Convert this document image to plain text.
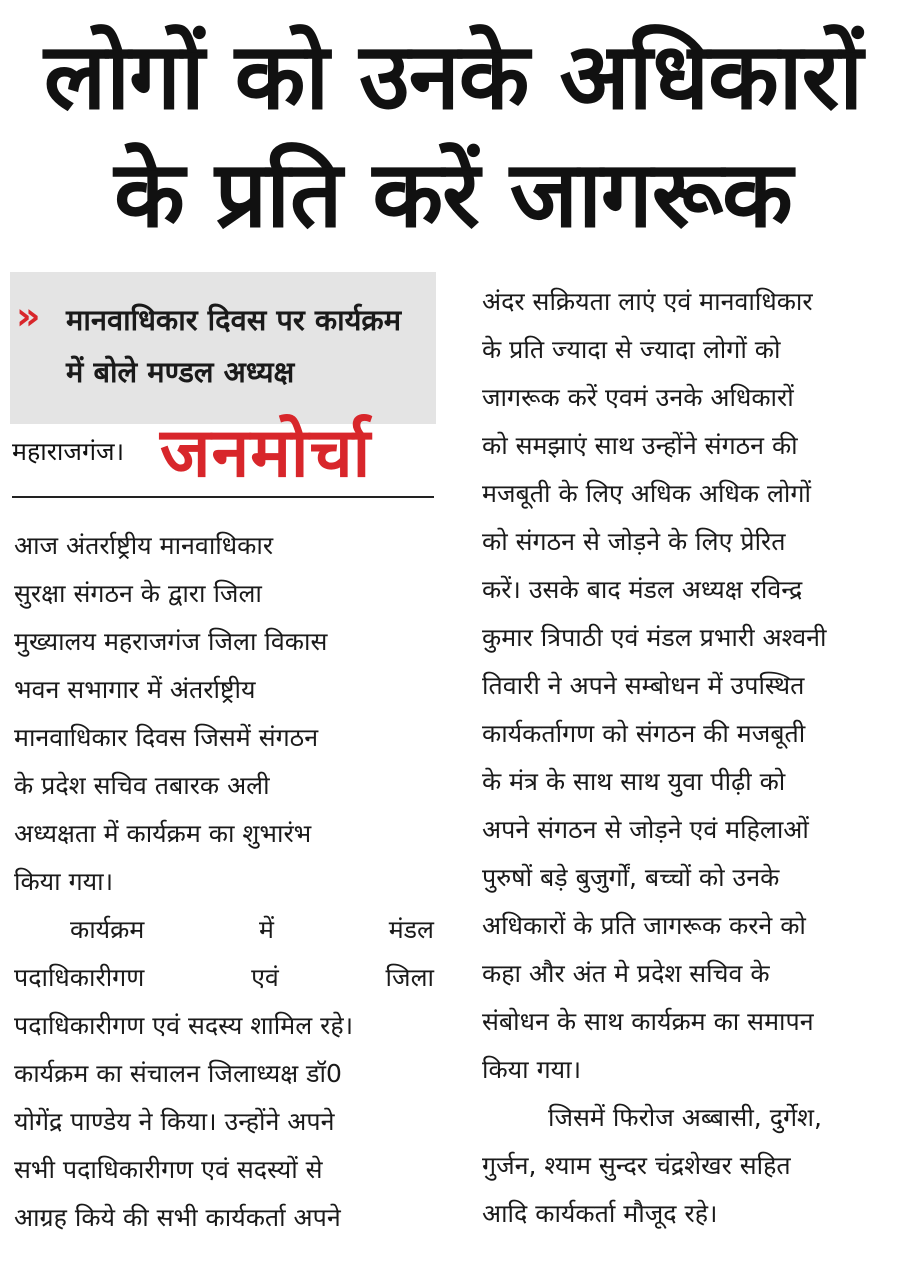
लोगों को उनके अधिकारों
के प्रति करें जागरूक
» मानवाधिकार दिवस पर कार्यक्रम
में बोले मण्डल अध्यक्ष
महाराजगंज। जनमोर्चा

आज अंतर्राष्ट्रीय मानवाधिकार

सुरक्षा संगठन के द्वारा जिला

मुख्यालय महराजगंज जिला विकास

भवन सभागार में अंतर्राष्ट्रीय

मानवाधिकार दिवस जिसमें संगठन

के प्रदेश सचिव तबारक अली

अध्यक्षता में कार्यक्रम का शुभारंभ

किया गया।

कार्यक्रम में मंडल

पदाधिकारीगण एवं जिला

पदाधिकारीगण एवं सदस्य शामिल रहे।

कार्यक्रम का संचालन जिलाध्यक्ष डॉ0

योगेंद्र पाण्डेय ने किया। उन्होंने अपने

सभी पदाधिकारीगण एवं सदस्यों से

आग्रह किये की सभी कार्यकर्ता अपने

अंदर सक्रियता लाएं एवं मानवाधिकार

के प्रति ज्यादा से ज्यादा लोगों को

जागरूक करें एवमं उनके अधिकारों

को समझाएं साथ उन्होंने संगठन की

मजबूती के लिए अधिक अधिक लोगों

को संगठन से जोड़ने के लिए प्रेरित

करें। उसके बाद मंडल अध्यक्ष रविन्द्र

कुमार त्रिपाठी एवं मंडल प्रभारी अश्वनी

तिवारी ने अपने सम्बोधन में उपस्थित

कार्यकर्तागण को संगठन की मजबूती

के मंत्र के साथ साथ युवा पीढ़ी को

अपने संगठन से जोड़ने एवं महिलाओं

पुरुषों बड़े बुजुर्गों, बच्चों को उनके

अधिकारों के प्रति जागरूक करने को

कहा और अंत मे प्रदेश सचिव के

संबोधन के साथ कार्यक्रम का समापन

किया गया।

जिसमें फिरोज अब्बासी, दुर्गेश,

गुर्जन, श्याम सुन्दर चंद्रशेखर सहित

आदि कार्यकर्ता मौजूद रहे।
